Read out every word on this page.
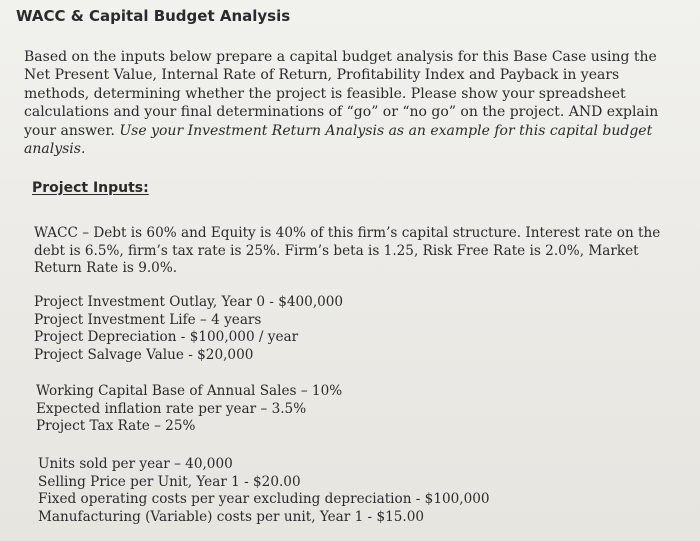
WACC & Capital Budget Analysis
Based on the inputs below prepare a capital budget analysis for this Base Case using the
Net Present Value, Internal Rate of Return, Profitability Index and Payback in years
methods, determining whether the project is feasible. Please show your spreadsheet
calculations and your final determinations of “go” or “no go” on the project. AND explain
your answer. Use your Investment Return Analysis as an example for this capital budget
analysis.
Project Inputs:
WACC – Debt is 60% and Equity is 40% of this firm’s capital structure. Interest rate on the
debt is 6.5%, firm’s tax rate is 25%. Firm’s beta is 1.25, Risk Free Rate is 2.0%, Market
Return Rate is 9.0%.
Project Investment Outlay, Year 0 - $400,000
Project Investment Life – 4 years
Project Depreciation - $100,000 / year
Project Salvage Value - $20,000
Working Capital Base of Annual Sales – 10%
Expected inflation rate per year – 3.5%
Project Tax Rate – 25%
Units sold per year – 40,000
Selling Price per Unit, Year 1 - $20.00
Fixed operating costs per year excluding depreciation - $100,000
Manufacturing (Variable) costs per unit, Year 1 - $15.00
